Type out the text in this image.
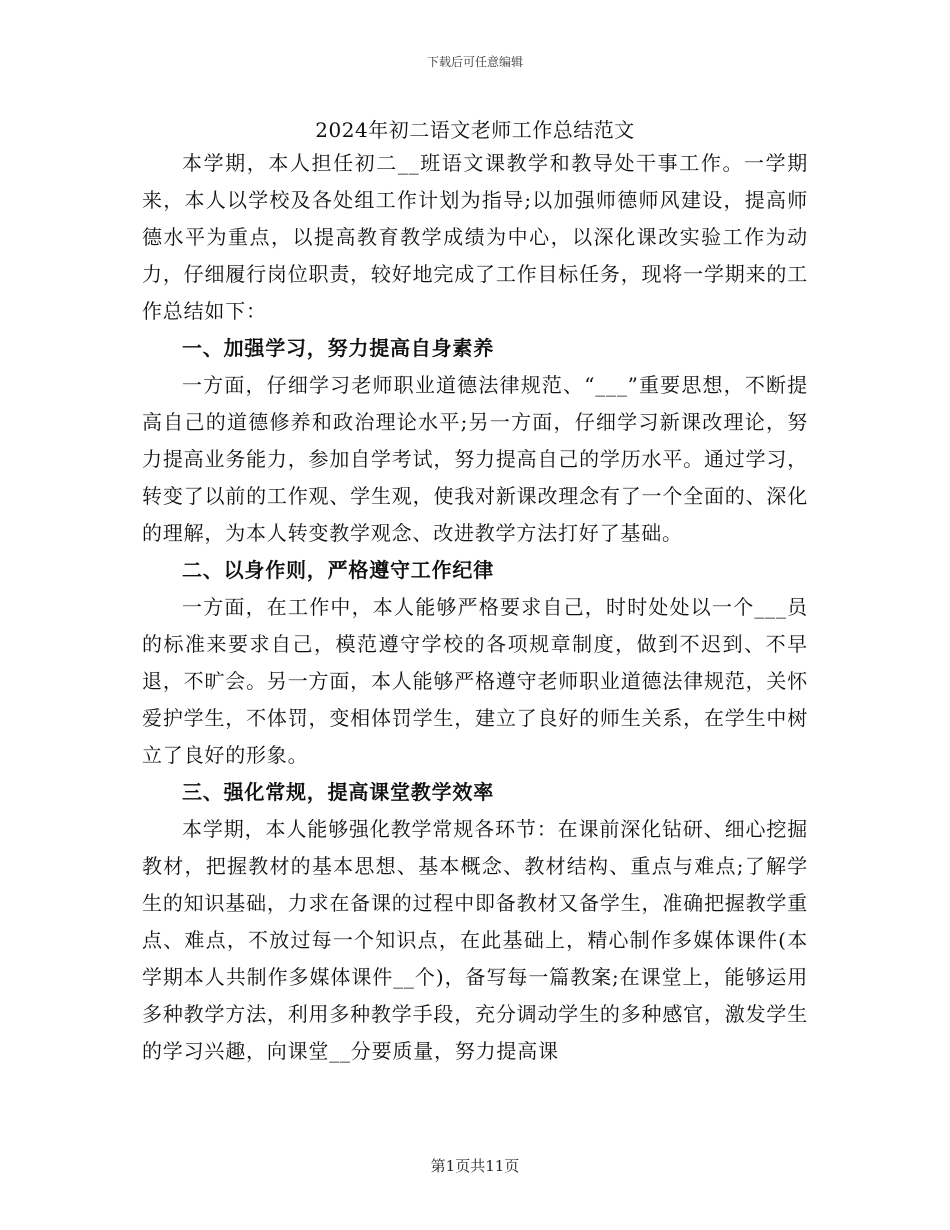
下载后可任意编辑
2024年初二语文老师工作总结范文

本学期，本人担任初二__班语文课教学和教导处干事工作。一学期来，本人以学校及各处组工作计划为指导;以加强师德师风建设，提高师德水平为重点，以提高教育教学成绩为中心，以深化课改实验工作为动力，仔细履行岗位职责，较好地完成了工作目标任务，现将一学期来的工作总结如下：

一、加强学习，努力提高自身素养

一方面，仔细学习老师职业道德法律规范、“___”重要思想，不断提高自己的道德修养和政治理论水平;另一方面，仔细学习新课改理论，努力提高业务能力，参加自学考试，努力提高自己的学历水平。通过学习，转变了以前的工作观、学生观，使我对新课改理念有了一个全面的、深化的理解，为本人转变教学观念、改进教学方法打好了基础。

二、以身作则，严格遵守工作纪律

一方面，在工作中，本人能够严格要求自己，时时处处以一个___员的标准来要求自己，模范遵守学校的各项规章制度，做到不迟到、不早退，不旷会。另一方面，本人能够严格遵守老师职业道德法律规范，关怀爱护学生，不体罚，变相体罚学生，建立了良好的师生关系，在学生中树立了良好的形象。

三、强化常规，提高课堂教学效率

本学期，本人能够强化教学常规各环节：在课前深化钻研、细心挖掘教材，把握教材的基本思想、基本概念、教材结构、重点与难点;了解学生的知识基础，力求在备课的过程中即备教材又备学生，准确把握教学重点、难点，不放过每一个知识点，在此基础上，精心制作多媒体课件(本学期本人共制作多媒体课件__个)，备写每一篇教案;在课堂上，能够运用多种教学方法，利用多种教学手段，充分调动学生的多种感官，激发学生的学习兴趣，向课堂__分要质量，努力提高课

第1页共11页
